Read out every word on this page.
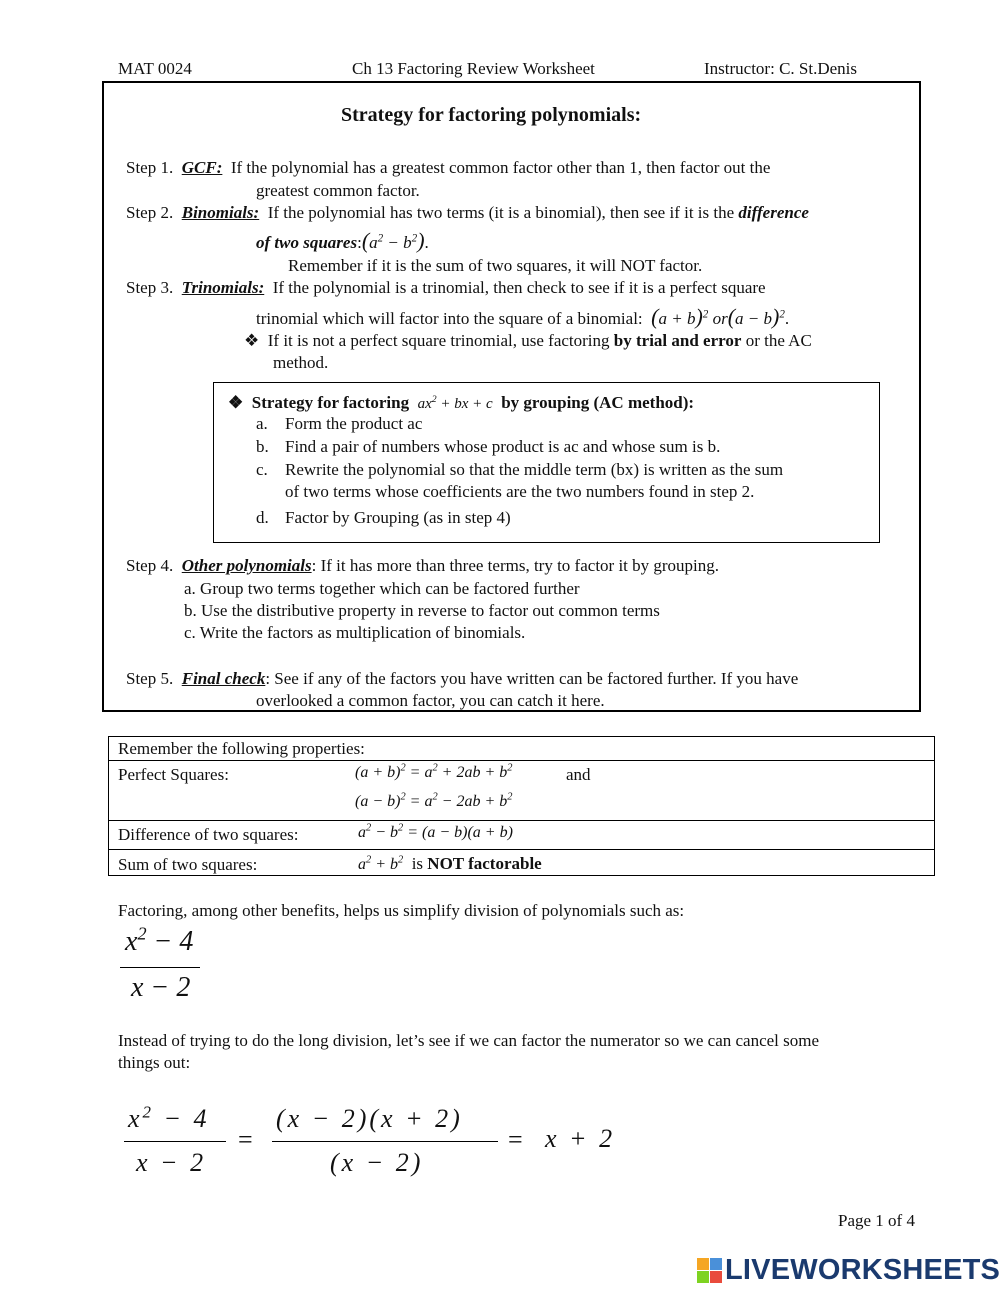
MAT 0024	Ch 13 Factoring Review Worksheet	Instructor: C. St.Denis
Strategy for factoring polynomials:
Step 1. GCF: If the polynomial has a greatest common factor other than 1, then factor out the
greatest common factor.
Step 2. Binomials: If the polynomial has two terms (it is a binomial), then see if it is the difference
of two $squares:(a^2 - b^2)$.
Remember if it is the sum of two squares, it will NOT factor.
Step 3. Trinomials: If the polynomial is a trinomial, then check to see if it is a perfect square
trinomial which will factor into the square of a binomial: $(a + b)^2$ $or(a - b)^2$.
❖ If it is not a perfect square trinomial, use factoring by trial and error or the AC
method.
❖ Strategy for factoring $ax^2$ + bx + c by grouping (AC method):
a. Form the product ac
b. Find a pair of numbers whose product is ac and whose sum is b.
c. Rewrite the polynomial so that the middle term (bx) is written as the sum
of two terms whose coefficients are the two numbers found in step 2.
d. Factor by Grouping (as in step 4)
Step 4. Other polynomials: If it has more than three terms, try to factor it by grouping.
a. Group two terms together which can be factored further
b. Use the distributive property in reverse to factor out common terms
c. Write the factors as multiplication of binomials.
Step 5. Final check: See if any of the factors you have written can be factored further. If you have
overlooked a common factor, you can catch it here.
Remember the following properties:
Perfect Squares:	$(a + b)^2 = a^2 + 2ab + b^2$	and
$(a - b)^2 = a^2 - 2ab + b^2$
Difference of two squares:	$a^2 - b^2 = (a - b)(a + b)$
Sum of two squares:	$a^2 + b^2$ is NOT factorable
Factoring, among other benefits, helps us simplify division of polynomials such as:
$x^2 - 4$
x − 2
Instead of trying to do the long division, let’s see if we can factor the numerator so we can cancel some
things out:
$x^2 - 4$
x − 2
=
(x − 2)(x + 2)
(x − 2)
= x + 2
Page 1 of 4
LIVEWORKSHEETS
